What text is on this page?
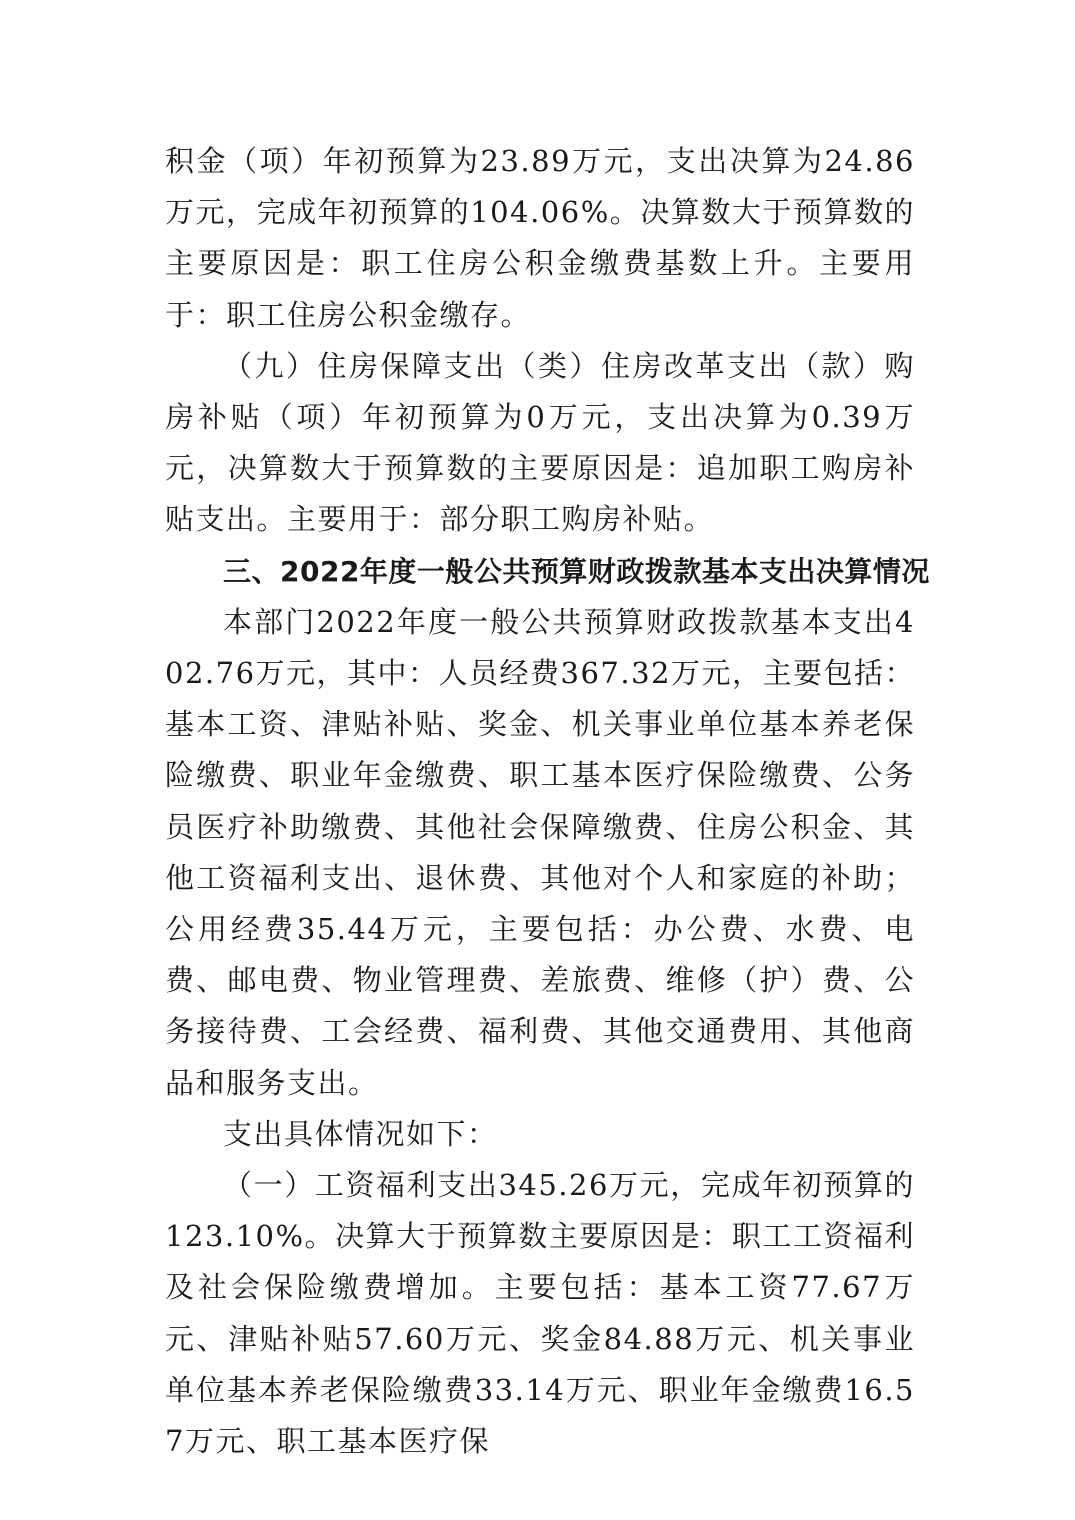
积金（项）年初预算为23.89万元，支出决算为24.86万元，完成年初预算的104.06%。决算数大于预算数的主要原因是：职工住房公积金缴费基数上升。主要用于：职工住房公积金缴存。

（九）住房保障支出（类）住房改革支出（款）购房补贴（项）年初预算为0万元，支出决算为0.39万元，决算数大于预算数的主要原因是：追加职工购房补贴支出。主要用于：部分职工购房补贴。

三、2022年度一般公共预算财政拨款基本支出决算情况

本部门2022年度一般公共预算财政拨款基本支出402.76万元，其中：人员经费367.32万元，主要包括：基本工资、津贴补贴、奖金、机关事业单位基本养老保险缴费、职业年金缴费、职工基本医疗保险缴费、公务员医疗补助缴费、其他社会保障缴费、住房公积金、其他工资福利支出、退休费、其他对个人和家庭的补助；公用经费35.44万元，主要包括：办公费、水费、电费、邮电费、物业管理费、差旅费、维修（护）费、公务接待费、工会经费、福利费、其他交通费用、其他商品和服务支出。

支出具体情况如下：

（一）工资福利支出345.26万元，完成年初预算的123.10%。决算大于预算数主要原因是：职工工资福利及社会保险缴费增加。主要包括：基本工资77.67万元、津贴补贴57.60万元、奖金84.88万元、机关事业单位基本养老保险缴费33.14万元、职业年金缴费16.57万元、职工基本医疗保
